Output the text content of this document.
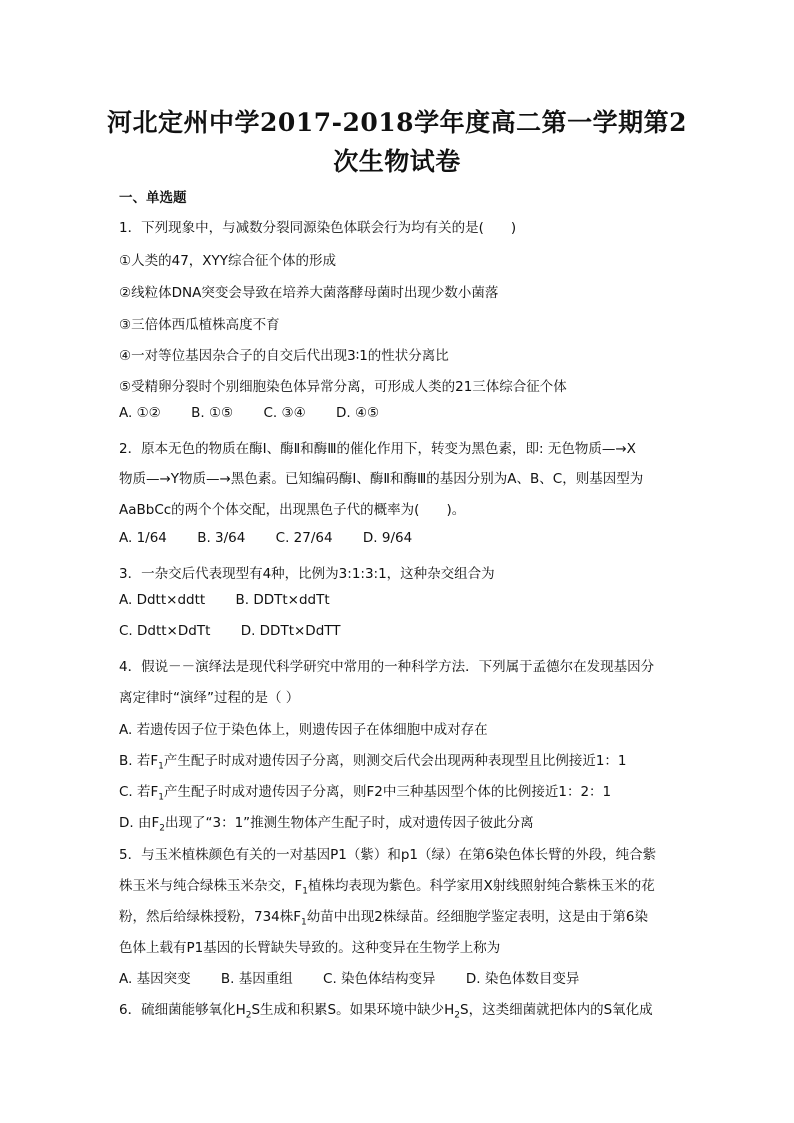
河北定州中学2017-2018学年度高二第一学期第2
次生物试卷
一、单选题
1．下列现象中，与减数分裂同源染色体联会行为均有关的是(　　)
①人类的47，XYY综合征个体的形成
②线粒体DNA突变会导致在培养大菌落酵母菌时出现少数小菌落
③三倍体西瓜植株高度不育
④一对等位基因杂合子的自交后代出现3∶1的性状分离比
⑤受精卵分裂时个别细胞染色体异常分离，可形成人类的21三体综合征个体
A. ①② B. ①⑤ C. ③④ D. ④⑤
2．原本无色的物质在酶Ⅰ、酶Ⅱ和酶Ⅲ的催化作用下，转变为黑色素，即: 无色物质—→X
物质—→Y物质—→黑色素。已知编码酶Ⅰ、酶Ⅱ和酶Ⅲ的基因分别为A、B、C，则基因型为
AaBbCc的两个个体交配，出现黑色子代的概率为(　　)。
A. 1/64 B. 3/64 C. 27/64 D. 9/64
3．一杂交后代表现型有4种，比例为3:1:3:1，这种杂交组合为
A. Ddtt×ddtt B. DDTt×ddTt
C. Ddtt×DdTt D. DDTt×DdTT
4．假说－－演绎法是现代科学研究中常用的一种科学方法．下列属于孟德尔在发现基因分
离定律时“演绎”过程的是（ ）
A. 若遗传因子位于染色体上，则遗传因子在体细胞中成对存在
B. 若$F_1$产生配子时成对遗传因子分离，则测交后代会出现两种表现型且比例接近1：1
C. 若$F_1$产生配子时成对遗传因子分离，则F2中三种基因型个体的比例接近1：2：1
D. 由$F_2$出现了“3：1”推测生物体产生配子时，成对遗传因子彼此分离
5．与玉米植株颜色有关的一对基因P1（紫）和p1（绿）在第6染色体长臂的外段，纯合紫
株玉米与纯合绿株玉米杂交，$F_1$植株均表现为紫色。科学家用X射线照射纯合紫株玉米的花
粉，然后给绿株授粉，734株$F_1$幼苗中出现2株绿苗。经细胞学鉴定表明，这是由于第6染
色体上载有P1基因的长臂缺失导致的。这种变异在生物学上称为
A. 基因突变 B. 基因重组 C. 染色体结构变异 D. 染色体数目变异
6．硫细菌能够氧化$H_2S$生成和积累S。如果环境中缺少$H_2S$，这类细菌就把体内的S氧化成
